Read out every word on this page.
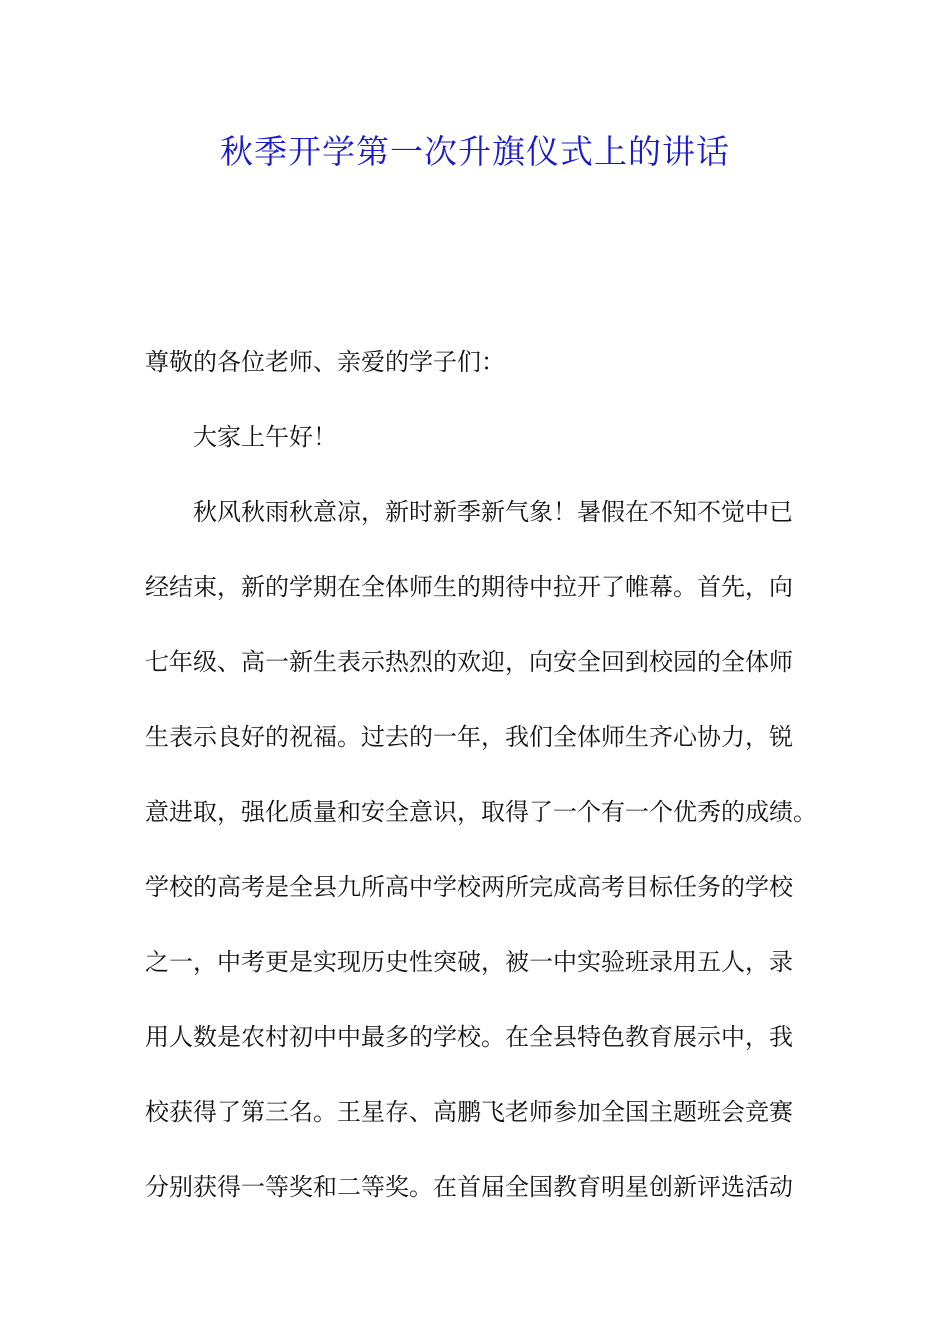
秋季开学第一次升旗仪式上的讲话
尊敬的各位老师、亲爱的学子们：
大家上午好！
秋风秋雨秋意凉，新时新季新气象！暑假在不知不觉中已
经结束，新的学期在全体师生的期待中拉开了帷幕。首先，向
七年级、高一新生表示热烈的欢迎，向安全回到校园的全体师
生表示良好的祝福。过去的一年，我们全体师生齐心协力，锐
意进取，强化质量和安全意识，取得了一个有一个优秀的成绩。
学校的高考是全县九所高中学校两所完成高考目标任务的学校
之一，中考更是实现历史性突破，被一中实验班录用五人，录
用人数是农村初中中最多的学校。在全县特色教育展示中，我
校获得了第三名。王星存、高鹏飞老师参加全国主题班会竞赛
分别获得一等奖和二等奖。在首届全国教育明星创新评选活动
